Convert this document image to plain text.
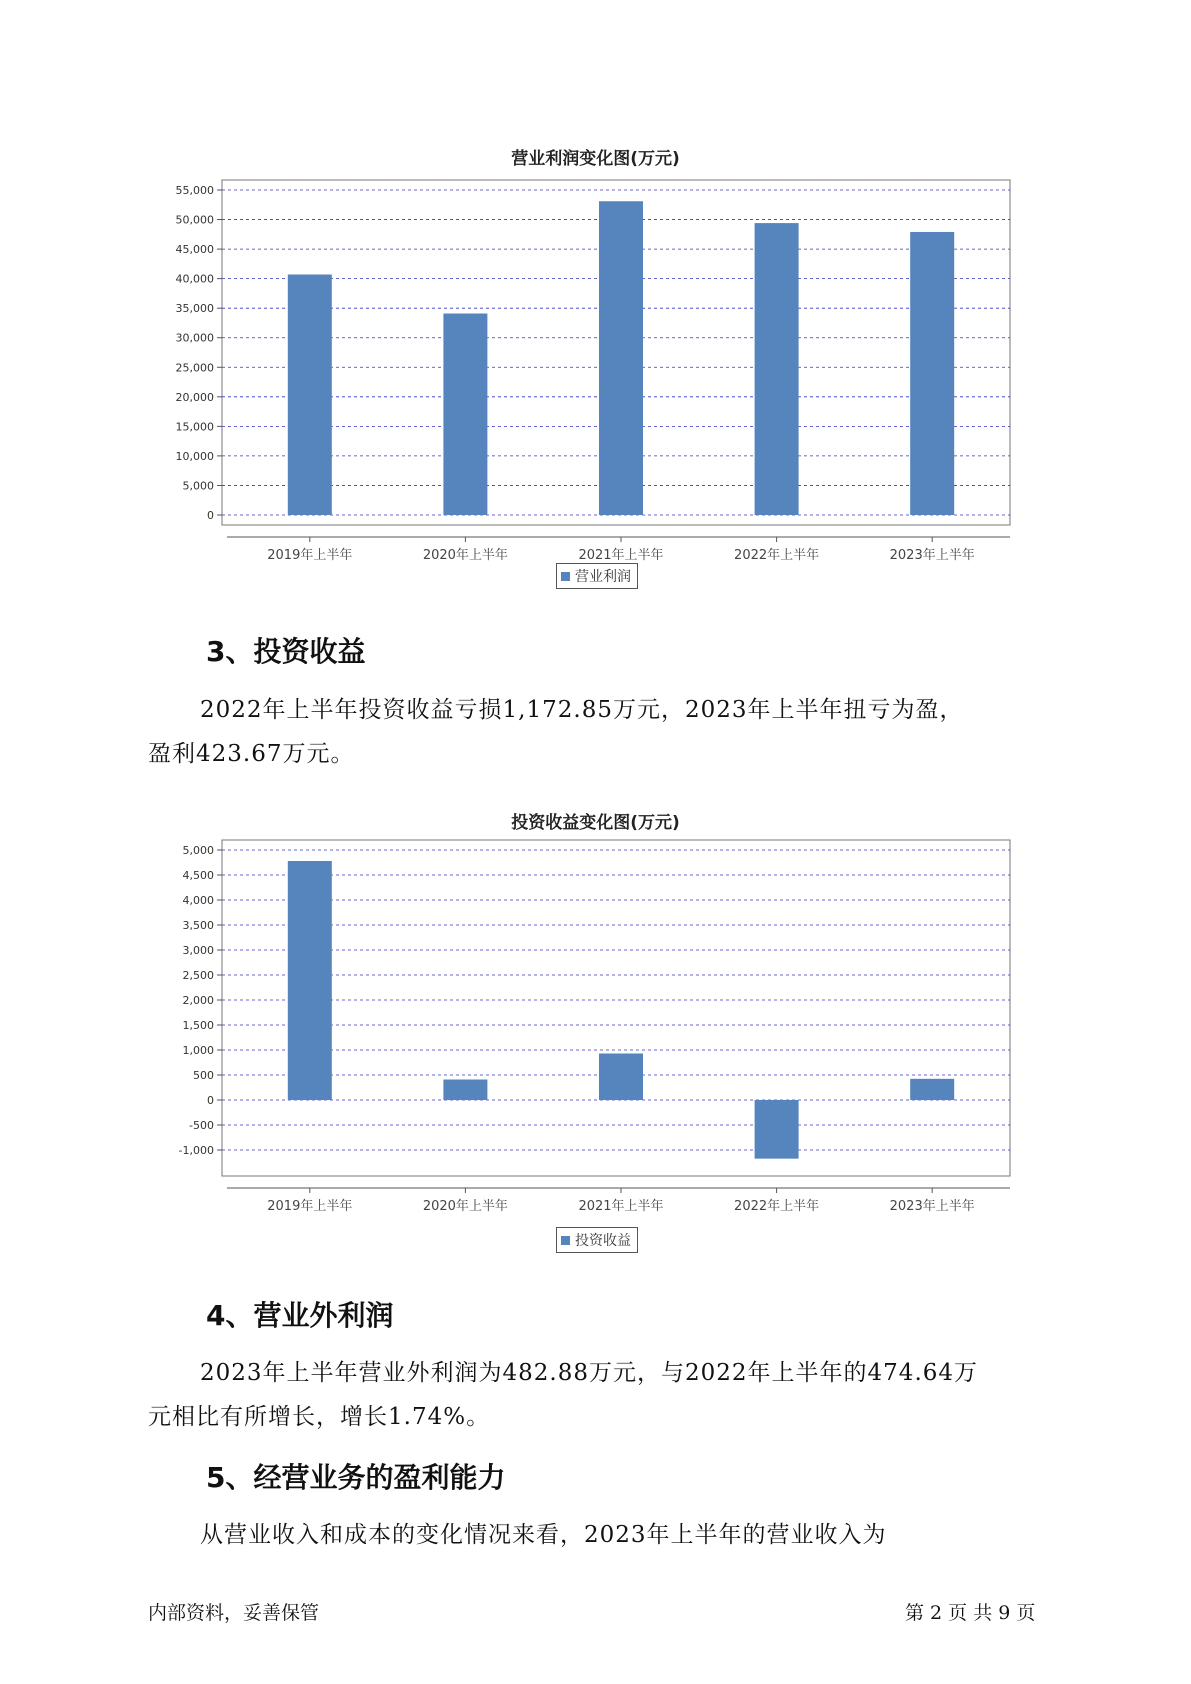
营业利润变化图(万元)
0
5,000
10,000
15,000
20,000
25,000
30,000
35,000
40,000
45,000
50,000
55,000
2019年上半年	2020年上半年	2021年上半年	2022年上半年	2023年上半年
营业利润
3、投资收益
2022年上半年投资收益亏损1,172.85万元，2023年上半年扭亏为盈，
盈利423.67万元。
投资收益变化图(万元)
-1,000
-500
0
500
1,000
1,500
2,000
2,500
3,000
3,500
4,000
4,500
5,000
2019年上半年	2020年上半年	2021年上半年	2022年上半年	2023年上半年
投资收益
4、营业外利润
2023年上半年营业外利润为482.88万元，与2022年上半年的474.64万
元相比有所增长，增长1.74%。
5、经营业务的盈利能力
从营业收入和成本的变化情况来看，2023年上半年的营业收入为
内部资料，妥善保管	第 2 页 共 9 页
